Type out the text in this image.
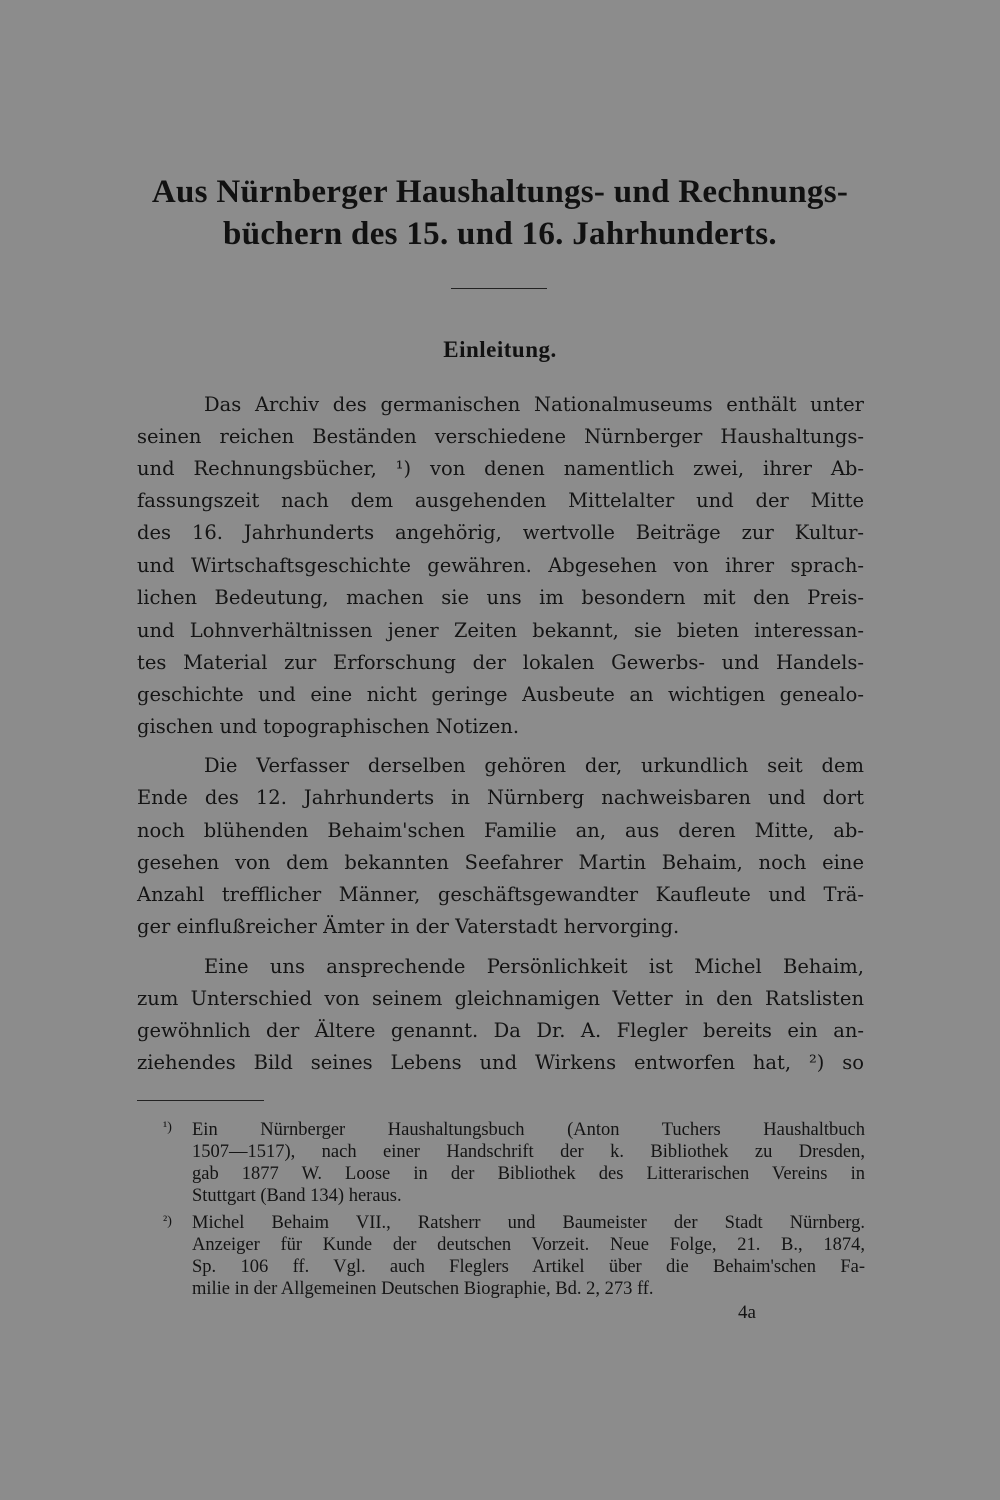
Aus Nürnberger Haushaltungs- und Rechnungs-
büchern des 15. und 16. Jahrhunderts.
Einleitung.
Das Archiv des germanischen Nationalmuseums enthält unter
seinen reichen Beständen verschiedene Nürnberger Haushaltungs-
und Rechnungsbücher, ¹) von denen namentlich zwei, ihrer Ab-
fassungszeit nach dem ausgehenden Mittelalter und der Mitte
des 16. Jahrhunderts angehörig, wertvolle Beiträge zur Kultur-
und Wirtschaftsgeschichte gewähren. Abgesehen von ihrer sprach-
lichen Bedeutung, machen sie uns im besondern mit den Preis-
und Lohnverhältnissen jener Zeiten bekannt, sie bieten interessan-
tes Material zur Erforschung der lokalen Gewerbs- und Handels-
geschichte und eine nicht geringe Ausbeute an wichtigen genealo-
gischen und topographischen Notizen.
Die Verfasser derselben gehören der, urkundlich seit dem
Ende des 12. Jahrhunderts in Nürnberg nachweisbaren und dort
noch blühenden Behaim'schen Familie an, aus deren Mitte, ab-
gesehen von dem bekannten Seefahrer Martin Behaim, noch eine
Anzahl trefflicher Männer, geschäftsgewandter Kaufleute und Trä-
ger einflußreicher Ämter in der Vaterstadt hervorging.
Eine uns ansprechende Persönlichkeit ist Michel Behaim,
zum Unterschied von seinem gleichnamigen Vetter in den Ratslisten
gewöhnlich der Ältere genannt. Da Dr. A. Flegler bereits ein an-
ziehendes Bild seines Lebens und Wirkens entworfen hat, ²) so
¹) Ein Nürnberger Haushaltungsbuch (Anton Tuchers Haushaltbuch
1507—1517), nach einer Handschrift der k. Bibliothek zu Dresden,
gab 1877 W. Loose in der Bibliothek des Litterarischen Vereins in
Stuttgart (Band 134) heraus.
²) Michel Behaim VII., Ratsherr und Baumeister der Stadt Nürnberg.
Anzeiger für Kunde der deutschen Vorzeit. Neue Folge, 21. B., 1874,
Sp. 106 ff. Vgl. auch Fleglers Artikel über die Behaim'schen Fa-
milie in der Allgemeinen Deutschen Biographie, Bd. 2, 273 ff.
4a
